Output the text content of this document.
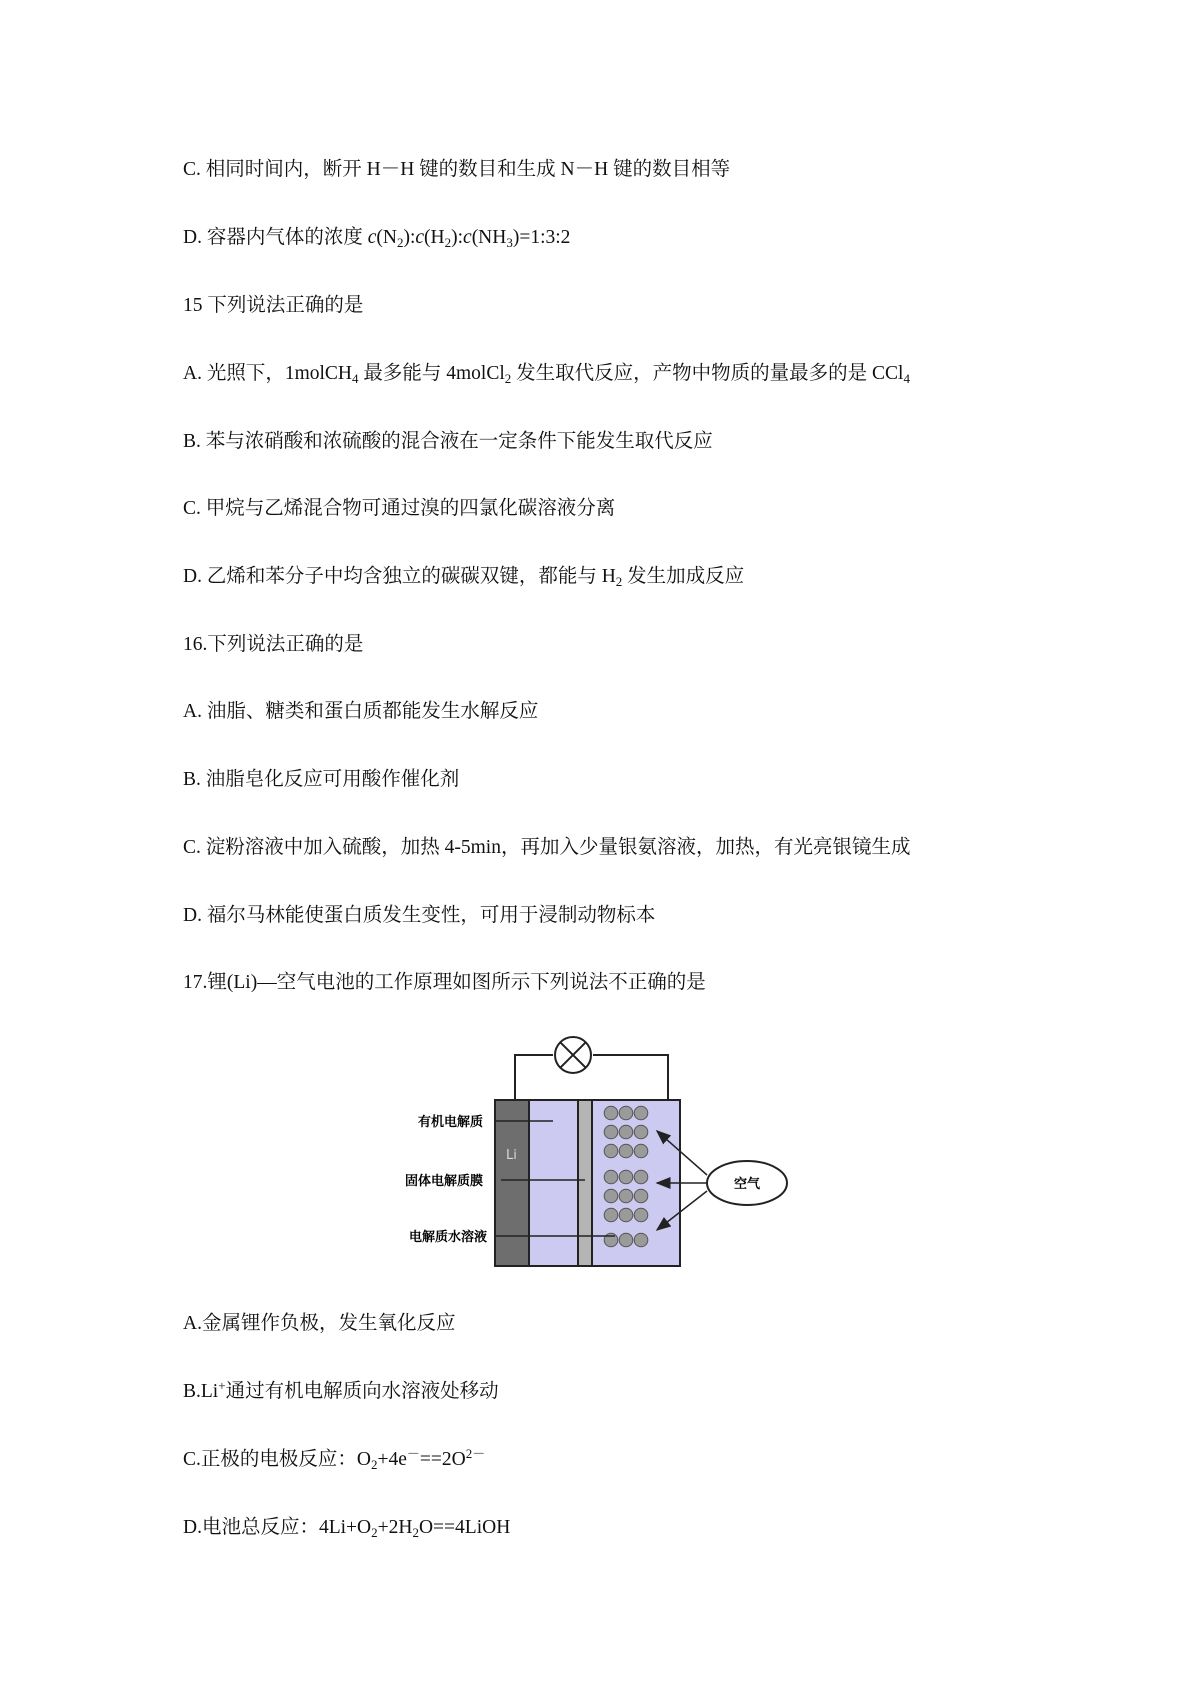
C. 相同时间内，断开 H－H 键的数目和生成 N－H 键的数目相等
D. 容器内气体的浓度 $c(N_2):c(H_2):c(NH_3)=1:3:2$
15 下列说法正确的是
A. 光照下，1molCH$_4$ 最多能与 4molCl$_2$ 发生取代反应，产物中物质的量最多的是 CCl$_4$
B. 苯与浓硝酸和浓硫酸的混合液在一定条件下能发生取代反应
C. 甲烷与乙烯混合物可通过溴的四氯化碳溶液分离
D. 乙烯和苯分子中均含独立的碳碳双键，都能与 $H_2$ 发生加成反应
16.下列说法正确的是
A. 油脂、糖类和蛋白质都能发生水解反应
B. 油脂皂化反应可用酸作催化剂
C. 淀粉溶液中加入硫酸，加热 4-5min，再加入少量银氨溶液，加热，有光亮银镜生成
D. 福尔马林能使蛋白质发生变性，可用于浸制动物标本
17.锂(Li)—空气电池的工作原理如图所示下列说法不正确的是
Li
有机电解质
固体电解质膜
电解质水溶液
空气
A.金属锂作负极，发生氧化反应
B.Li+通过有机电解质向水溶液处移动
C.正极的电极反应：$O_2+4e^-==2O^{2-}$
D.电池总反应：$4Li+O_2+2H_2O==4LiOH$
